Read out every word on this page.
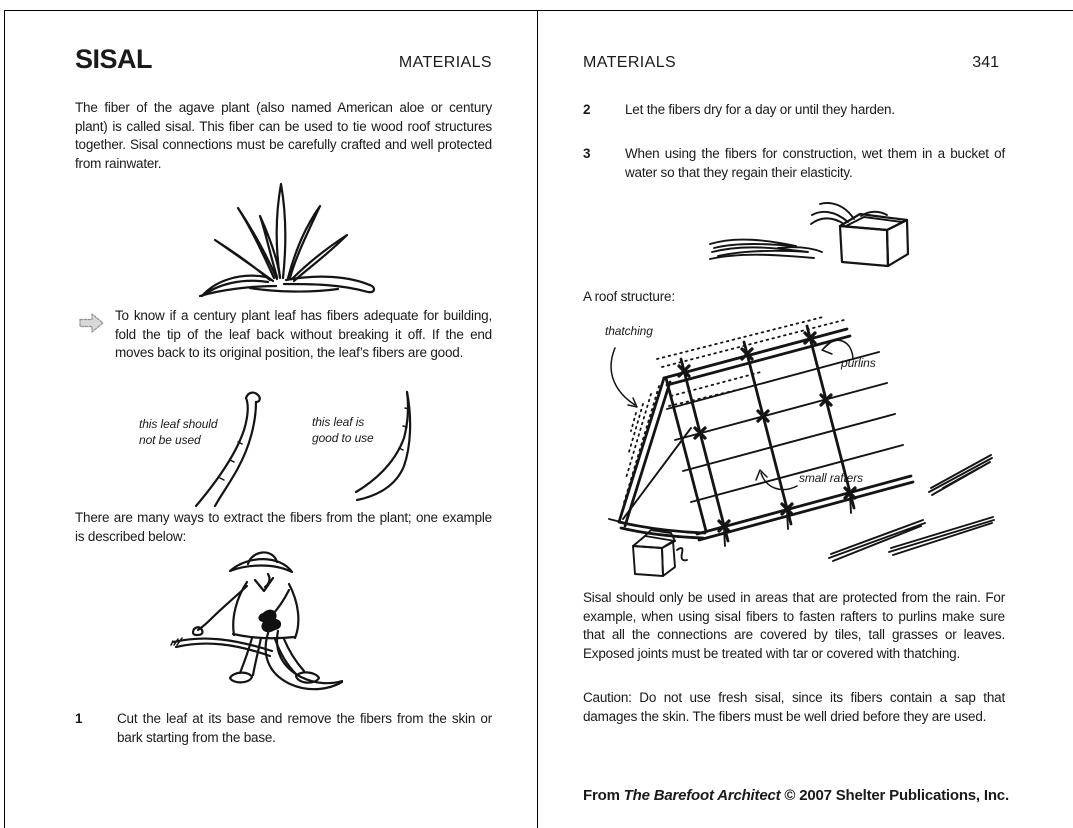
SISAL	MATERIALS

The fiber of the agave plant (also named American aloe or century plant) is called sisal. This fiber can be used to tie wood roof structures together. Sisal connections must be carefully crafted and well protected from rainwater.

To know if a century plant leaf has fibers adequate for building, fold the tip of the leaf back without breaking it off. If the end moves back to its original position, the leaf’s fibers are good.

this leaf should
not be used
this leaf is
good to use

There are many ways to extract the fibers from the plant; one example is described below:

1	Cut the leaf at its base and remove the fibers from the skin or bark starting from the base.

MATERIALS	341
2	Let the fibers dry for a day or until they harden.

3	When using the fibers for construction, wet them in a bucket of water so that they regain their elasticity.

A roof structure:

thatching
purlins
small rafters

Sisal should only be used in areas that are protected from the rain. For example, when using sisal fibers to fasten rafters to purlins make sure that all the connections are covered by tiles, tall grasses or leaves. Exposed joints must be treated with tar or covered with thatching.

Caution: Do not use fresh sisal, since its fibers contain a sap that damages the skin. The fibers must be well dried before they are used.

From The Barefoot Architect © 2007 Shelter Publications, Inc.
